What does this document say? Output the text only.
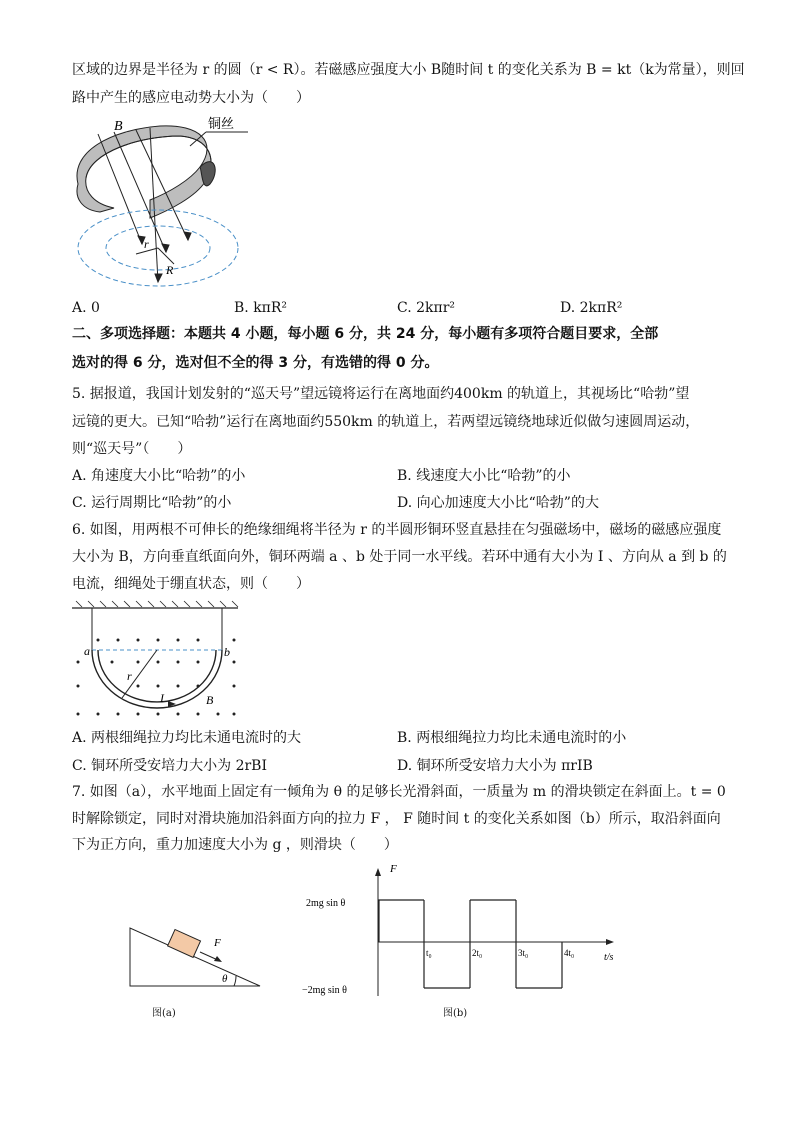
区域的边界是半径为 r 的圆（r < R）。若磁感应强度大小 B随时间 t 的变化关系为 B = kt（k为常量），则回
路中产生的感应电动势大小为（　　）
B	铜丝
r
R
A. 0	B. kπR²	C. 2kπr²	D. 2kπR²
二、多项选择题：本题共 4 小题，每小题 6 分，共 24 分，每小题有多项符合题目要求，全部
选对的得 6 分，选对但不全的得 3 分，有选错的得 0 分。
5. 据报道，我国计划发射的“巡天号”望远镜将运行在离地面约400km 的轨道上，其视场比“哈勃”望
远镜的更大。已知“哈勃”运行在离地面约550km 的轨道上，若两望远镜绕地球近似做匀速圆周运动，
则“巡天号”（　　）
A. 角速度大小比“哈勃”的小	B. 线速度大小比“哈勃”的小
C. 运行周期比“哈勃”的小	D. 向心加速度大小比“哈勃”的大
6. 如图，用两根不可伸长的绝缘细绳将半径为 r 的半圆形铜环竖直悬挂在匀强磁场中，磁场的磁感应强度
大小为 B，方向垂直纸面向外，铜环两端 a 、b 处于同一水平线。若环中通有大小为 I 、方向从 a 到 b 的
电流，细绳处于绷直状态，则（　　）
a	b
r
I	B
A. 两根细绳拉力均比未通电流时的大	B. 两根细绳拉力均比未通电流时的小
C. 铜环所受安培力大小为 2rBI	D. 铜环所受安培力大小为 πrIB
7. 如图（a），水平地面上固定有一倾角为 θ 的足够长光滑斜面，一质量为 m 的滑块锁定在斜面上。t = 0
时解除锁定，同时对滑块施加沿斜面方向的拉力 F ， F 随时间 t 的变化关系如图（b）所示，取沿斜面向
下为正方向，重力加速度大小为 g ，则滑块（　　）
F
θ
图(a)
F
2mg sin θ
−2mg sin θ
t/s
t₀	2t₀	3t₀	4t₀
图(b)
